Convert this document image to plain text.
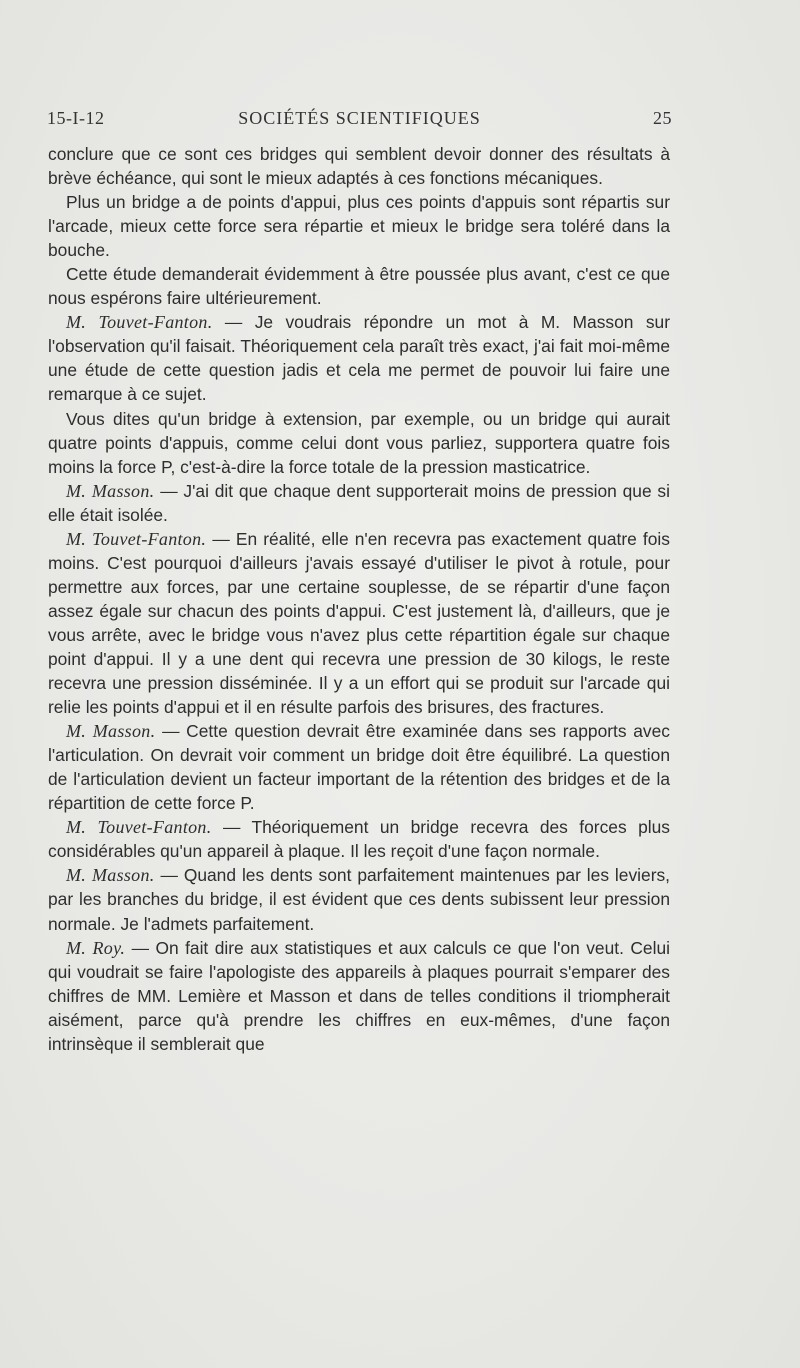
15-I-12	SOCIÉTÉS SCIENTIFIQUES	25

conclure que ce sont ces bridges qui semblent devoir donner des résultats à brève échéance, qui sont le mieux adaptés à ces fonctions mécaniques.

Plus un bridge a de points d'appui, plus ces points d'appuis sont répartis sur l'arcade, mieux cette force sera répartie et mieux le bridge sera toléré dans la bouche.

Cette étude demanderait évidemment à être poussée plus avant, c'est ce que nous espérons faire ultérieurement.

M. Touvet-Fanton. — Je voudrais répondre un mot à M. Masson sur l'observation qu'il faisait. Théoriquement cela paraît très exact, j'ai fait moi-même une étude de cette question jadis et cela me permet de pouvoir lui faire une remarque à ce sujet.

Vous dites qu'un bridge à extension, par exemple, ou un bridge qui aurait quatre points d'appuis, comme celui dont vous parliez, supportera quatre fois moins la force P, c'est-à-dire la force totale de la pression masticatrice.

M. Masson. — J'ai dit que chaque dent supporterait moins de pression que si elle était isolée.

M. Touvet-Fanton. — En réalité, elle n'en recevra pas exactement quatre fois moins. C'est pourquoi d'ailleurs j'avais essayé d'utiliser le pivot à rotule, pour permettre aux forces, par une certaine souplesse, de se répartir d'une façon assez égale sur chacun des points d'appui. C'est justement là, d'ailleurs, que je vous arrête, avec le bridge vous n'avez plus cette répartition égale sur chaque point d'appui. Il y a une dent qui recevra une pression de 30 kilogs, le reste recevra une pression disséminée. Il y a un effort qui se produit sur l'arcade qui relie les points d'appui et il en résulte parfois des brisures, des fractures.

M. Masson. — Cette question devrait être examinée dans ses rapports avec l'articulation. On devrait voir comment un bridge doit être équilibré. La question de l'articulation devient un facteur important de la rétention des bridges et de la répartition de cette force P.

M. Touvet-Fanton. — Théoriquement un bridge recevra des forces plus considérables qu'un appareil à plaque. Il les reçoit d'une façon normale.

M. Masson. — Quand les dents sont parfaitement maintenues par les leviers, par les branches du bridge, il est évident que ces dents subissent leur pression normale. Je l'admets parfaitement.

M. Roy. — On fait dire aux statistiques et aux calculs ce que l'on veut. Celui qui voudrait se faire l'apologiste des appareils à plaques pourrait s'emparer des chiffres de MM. Lemière et Masson et dans de telles conditions il triompherait aisément, parce qu'à prendre les chiffres en eux-mêmes, d'une façon intrinsèque il semblerait que
